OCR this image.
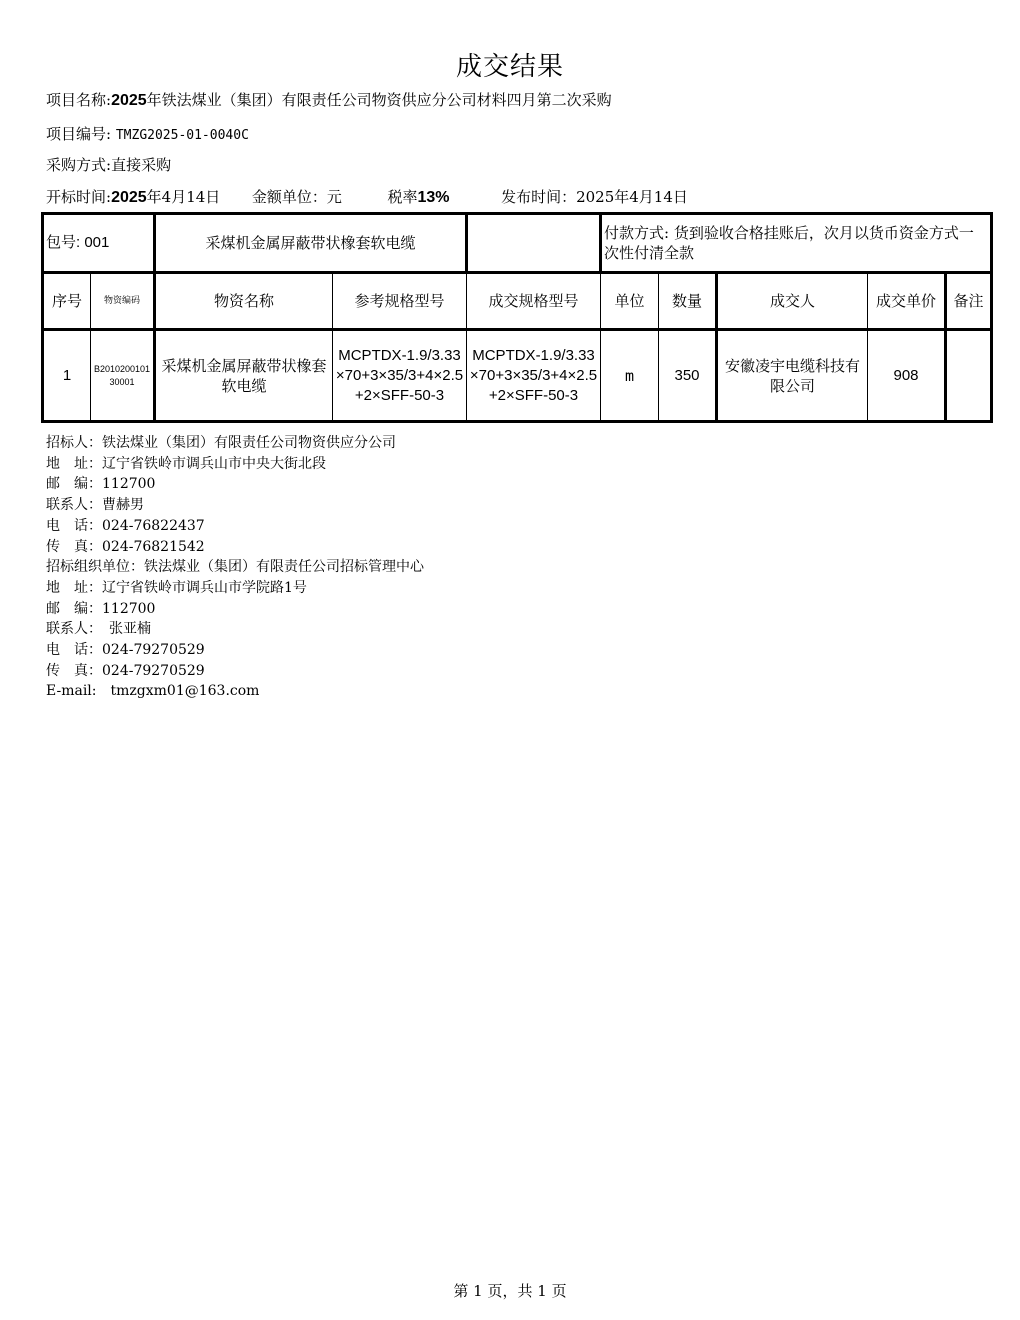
成交结果
项目名称:2025年铁法煤业（集团）有限责任公司物资供应分公司材料四月第二次采购
项目编号: TMZG2025-01-0040C
采购方式:直接采购
开标时间:2025年4月14日 金额单位：元	税率13%	发布时间：2025年4月14日
包号: 001		采煤机金属屏蔽带状橡套软电缆			付款方式: 货到验收合格挂账后，次月以货币资金方式一次性付清全款				
序号	物资编码	物资名称	参考规格型号	成交规格型号	单位	数量	成交人	成交单价	备注
1	B201020010130001	采煤机金属屏蔽带状橡套软电缆	MCPTDX-1.9/3.33×70+3×35/3+4×2.5+2×SFF-50-3	MCPTDX-1.9/3.33×70+3×35/3+4×2.5+2×SFF-50-3	m	350	安徽凌宇电缆科技有限公司	908	
招标人：铁法煤业（集团）有限责任公司物资供应分公司
地　址：辽宁省铁岭市调兵山市中央大街北段
邮　编：112700
联系人：曹赫男
电　话：024-76822437
传　真：024-76821542
招标组织单位：铁法煤业（集团）有限责任公司招标管理中心
地　址：辽宁省铁岭市调兵山市学院路1号
邮　编：112700
联系人：　张亚楠
电　话：024-79270529
传　真：024-79270529
E-mail:　tmzgxm01@163.com
第 1 页，共 1 页
